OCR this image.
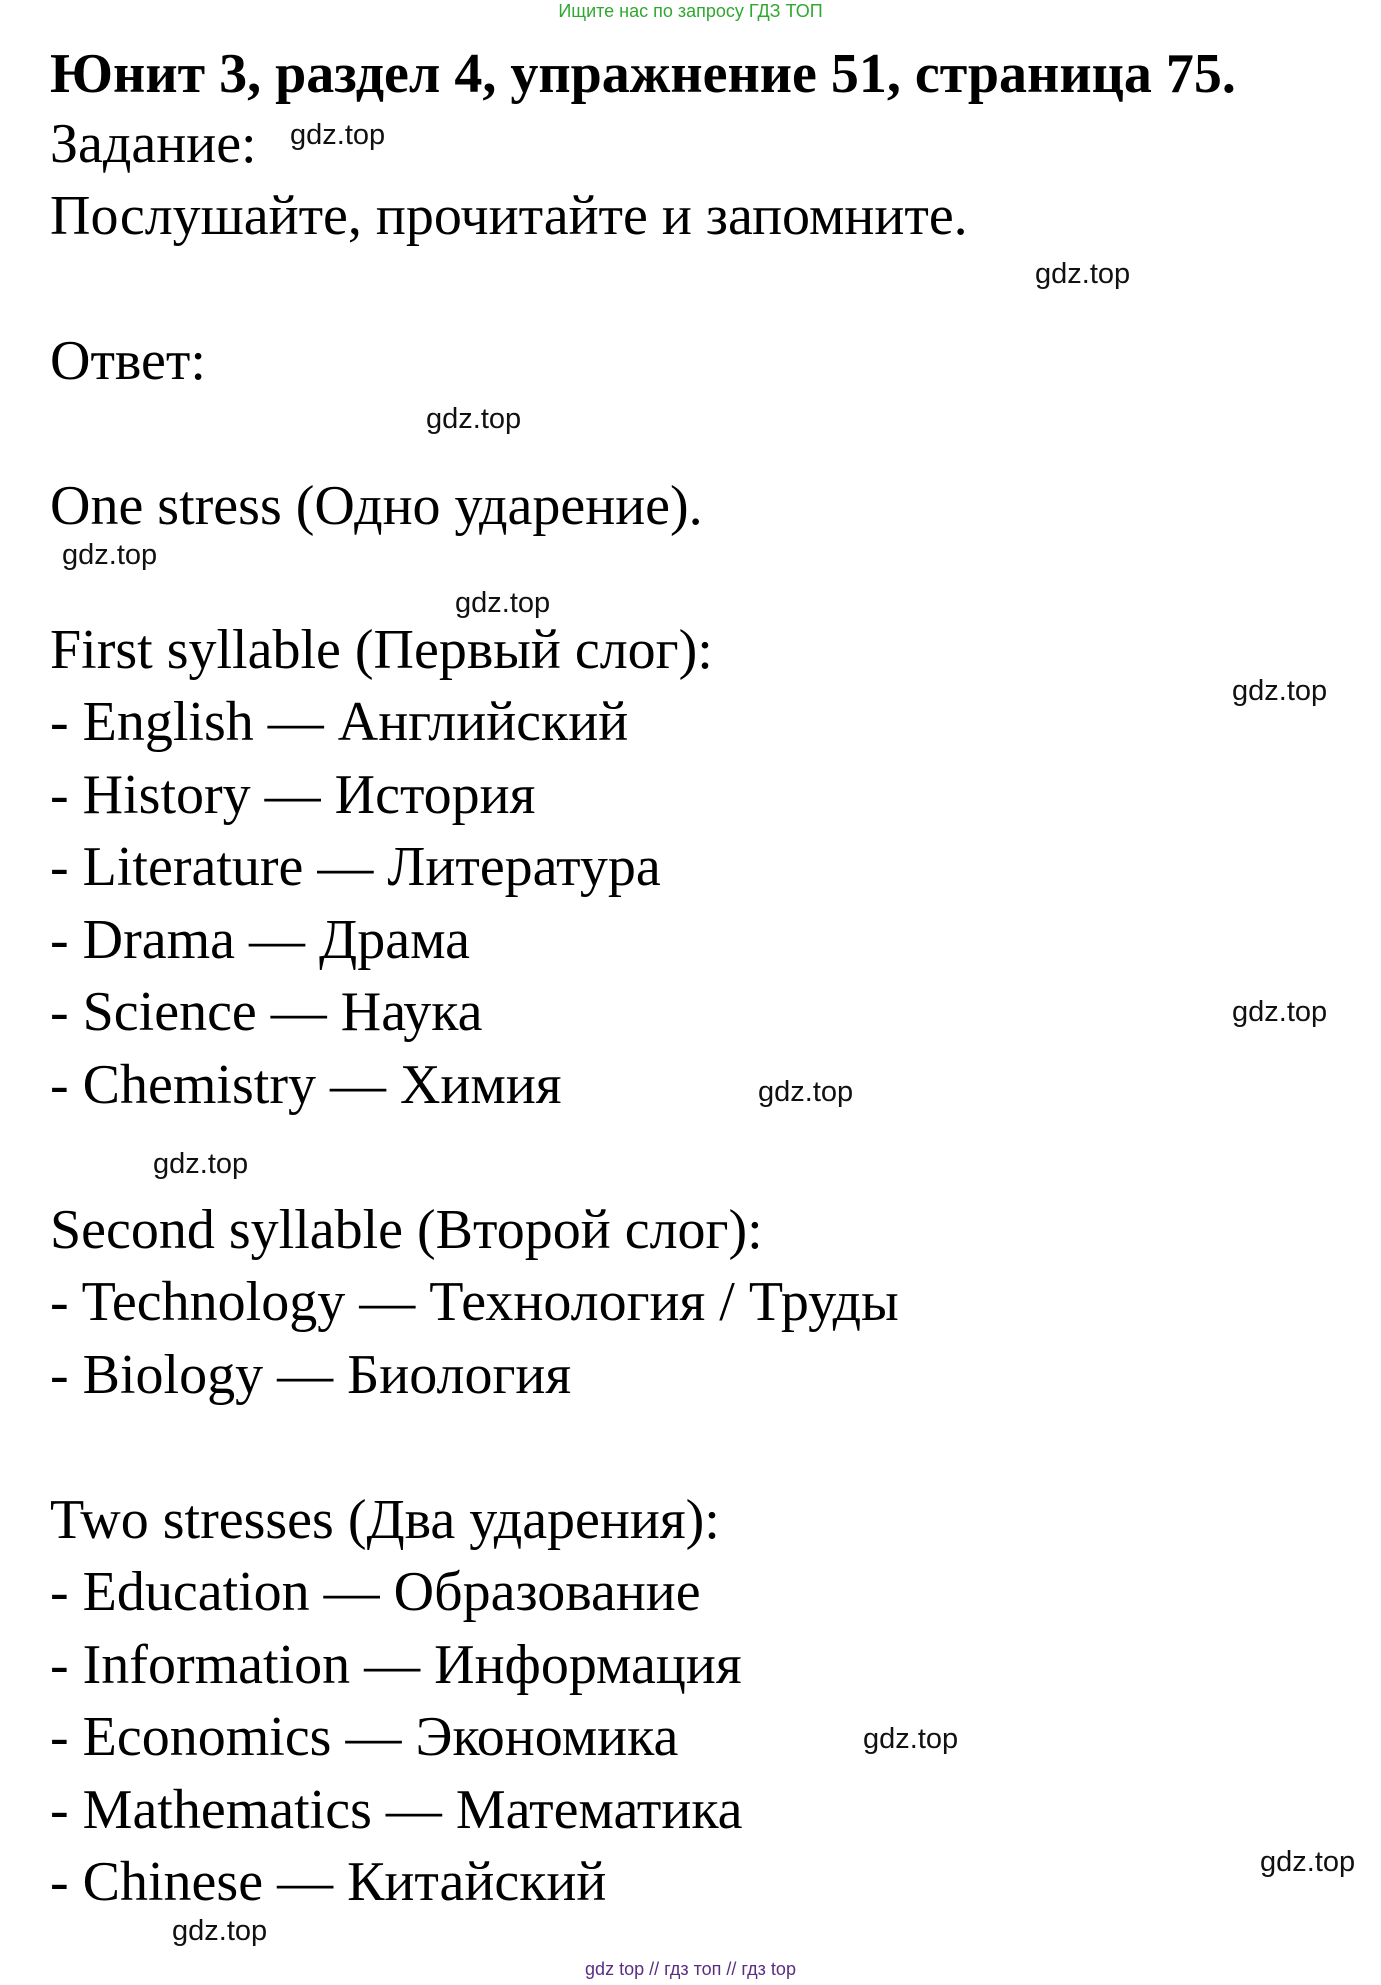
Ищите нас по запросу ГДЗ ТОП
Юнит 3, раздел 4, упражнение 51, страница 75.
Задание:
Послушайте, прочитайте и запомните.
Ответ:
One stress (Одно ударение).
First syllable (Первый слог):
- English — Английский
- History — История
- Literature — Литература
- Drama — Драма
- Science — Наука
- Chemistry — Химия
Second syllable (Второй слог):
- Technology — Технология / Труды
- Biology — Биология
Two stresses (Два ударения):
- Education — Образование
- Information — Информация
- Economics — Экономика
- Mathematics — Математика
- Chinese — Китайский
gdz.top
gdz.top
gdz.top
gdz.top
gdz.top
gdz.top
gdz.top
gdz.top
gdz.top
gdz.top
gdz.top
gdz.top
gdz top // гдз топ // гдз top
